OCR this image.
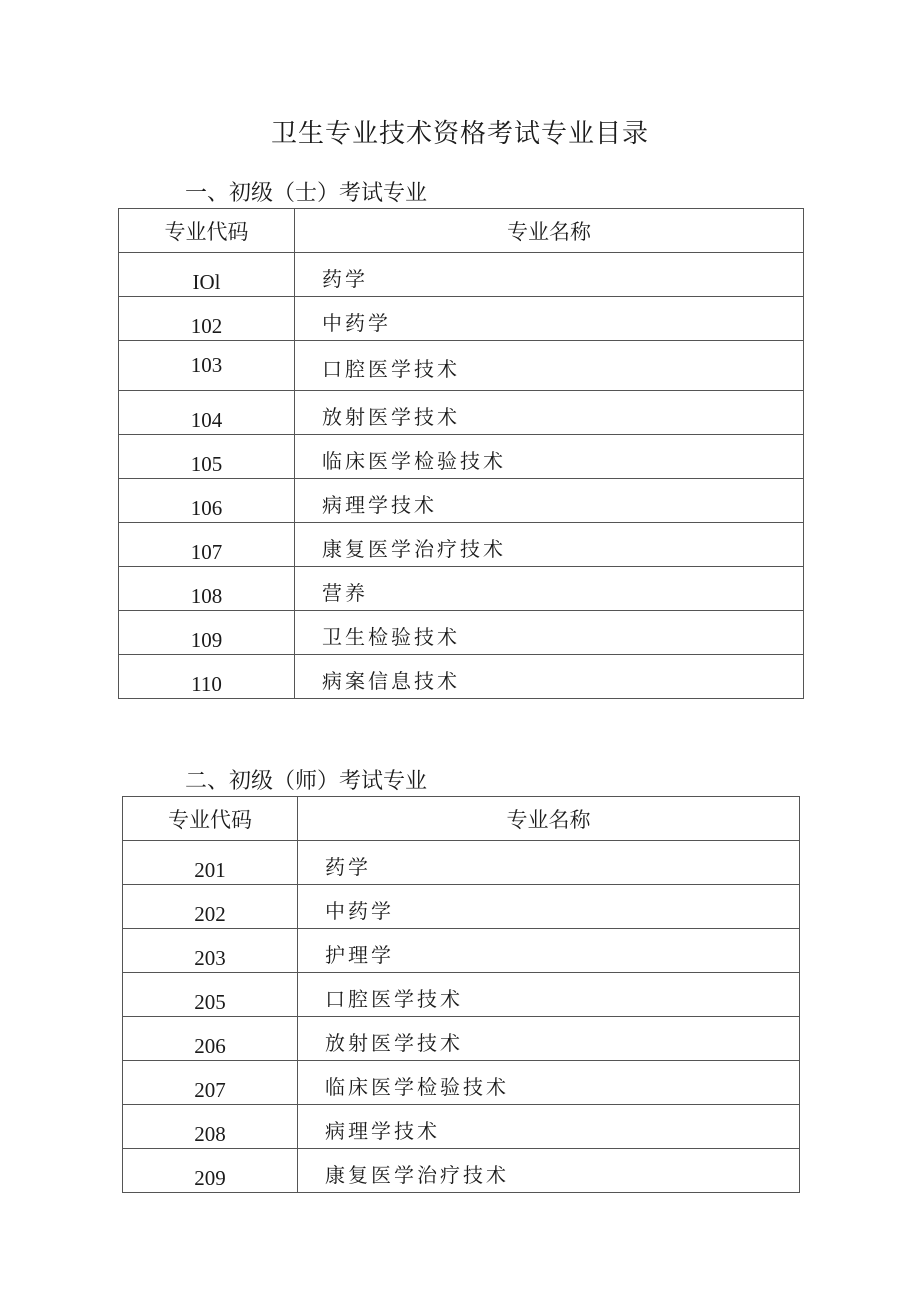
卫生专业技术资格考试专业目录
一、初级（士）考试专业
专业代码	专业名称
IOl	药学
102	中药学
103	口腔医学技术
104	放射医学技术
105	临床医学检验技术
106	病理学技术
107	康复医学治疗技术
108	营养
109	卫生检验技术
110	病案信息技术
二、初级（师）考试专业
专业代码	专业名称
201	药学
202	中药学
203	护理学
205	口腔医学技术
206	放射医学技术
207	临床医学检验技术
208	病理学技术
209	康复医学治疗技术
